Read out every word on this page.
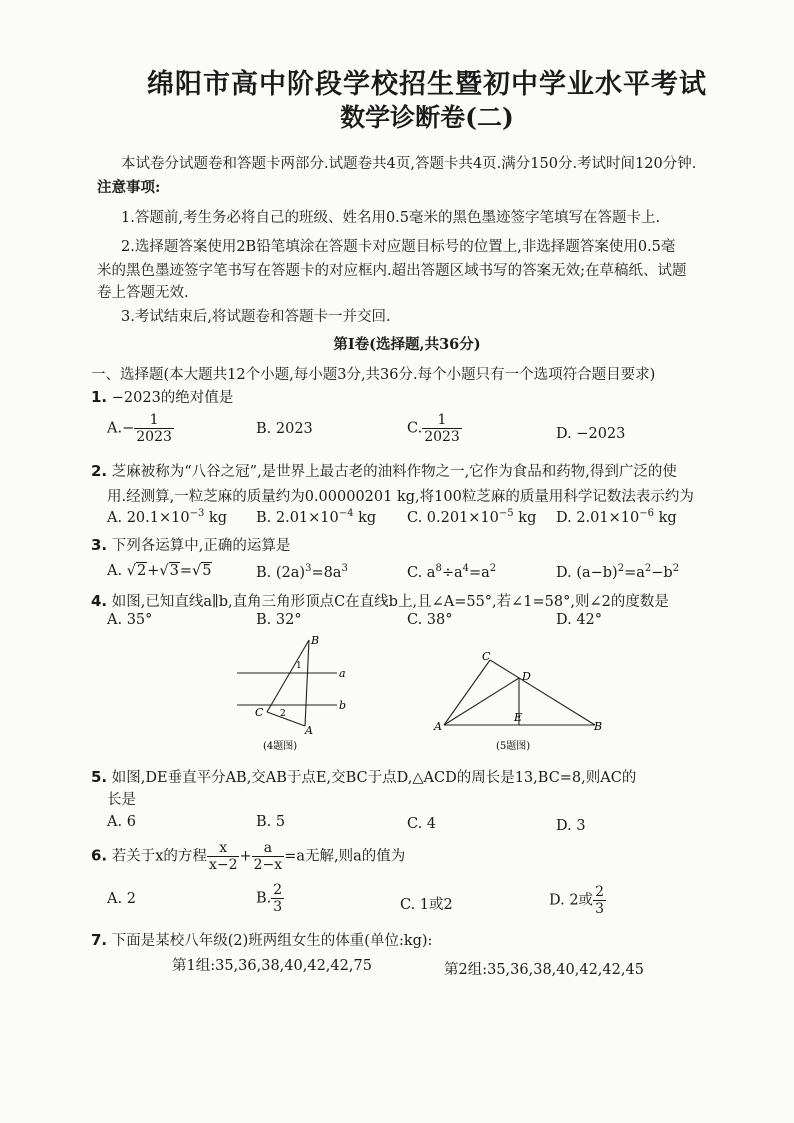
绵阳市高中阶段学校招生暨初中学业水平考试
数学诊断卷(二)
本试卷分试题卷和答题卡两部分.试题卷共4页,答题卡共4页.满分150分.考试时间120分钟.
注意事项:
1.答题前,考生务必将自己的班级、姓名用0.5毫米的黑色墨迹签字笔填写在答题卡上.
2.选择题答案使用2B铅笔填涂在答题卡对应题目标号的位置上,非选择题答案使用0.5毫
米的黑色墨迹签字笔书写在答题卡的对应框内.超出答题区域书写的答案无效;在草稿纸、试题
卷上答题无效.
3.考试结束后,将试题卷和答题卡一并交回.
第Ⅰ卷(选择题,共36分)
一、选择题(本大题共12个小题,每小题3分,共36分.每个小题只有一个选项符合题目要求)
1. −2023的绝对值是
$A.- \frac{1}{2023}$	B. 2023	C. $\frac{1}{2023}$	D. −2023
2. 芝麻被称为“八谷之冠”,是世界上最古老的油料作物之一,它作为食品和药物,得到广泛的使
用.经测算,一粒芝麻的质量约为0.00000201 kg,将100粒芝麻的质量用科学记数法表示约为
A. $20.1\times 10^{-3}$ kg B. $2.01\times 10^{-4}$ kg C. $0.201\times 10^{-5}$ kg D. $2.01\times 10^{-6}$ kg
3. 下列各运算中,正确的运算是
A. √2+√3=√5	B. $(2a)^3=8a^3$	C. $a^8\div a^4=a^2$	D. $(a-b)^2=a^2-b^2$
4. 如图,已知直线a∥b,直角三角形顶点C在直线b上,且∠A=55°,若∠1=58°,则∠2的度数是
A. 35°	B. 32°	C. 38°	D. 42°
B
1
a
b
C 2
A
(4题图)
C
D
E
A	B
(5题图)
5. 如图,DE垂直平分AB,交AB于点E,交BC于点D,△ACD的周长是13,BC=8,则AC的
长是
A. 6	B. 5	C. 4	D. 3
6. 若关于x的方程 $\frac{x}{x-2} + \frac{a}{2-x} =a$无解,则a的值为
A. 2	B. $\frac{2}{3}$	C. 1或2	D. 2或 $\frac{2}{3}$
7. 下面是某校八年级(2)班两组女生的体重(单位:kg):
第1组:35,36,38,40,42,42,75	第2组:35,36,38,40,42,42,45
